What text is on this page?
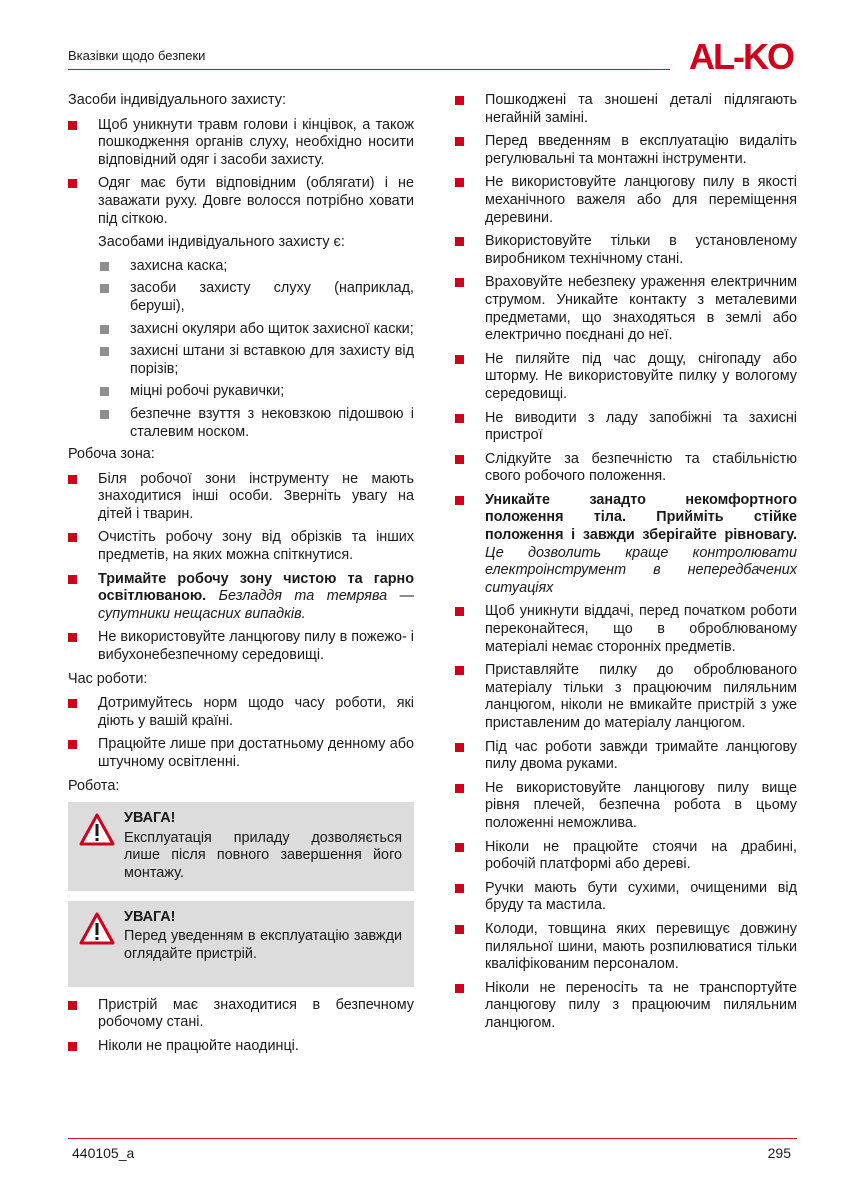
Вказівки щодо безпеки	AL-KO

Засоби індивідуального захисту:

Щоб уникнути травм голови і кінцівок, а також пошкодження органів слуху, необхідно носити відповідний одяг і засоби захисту.
Одяг має бути відповідним (облягати) і не заважати руху. Довге волосся потрібно ховати під сіткою.

Засобами індивідуального захисту є:

захисна каска;
засоби захисту слуху (наприклад, беруші),
захисні окуляри або щиток захисної каски;
захисні штани зі вставкою для захисту від порізів;
міцні робочі рукавички;
безпечне взуття з нековзкою підошвою і сталевим носком.

Робоча зона:

Біля робочої зони інструменту не мають знаходитися інші особи. Зверніть увагу на дітей і тварин.
Очистіть робочу зону від обрізків та інших предметів, на яких можна спіткнутися.
Тримайте робочу зону чистою та гарно освітлюваною. Безладдя та темрява — супутники нещасних випадків.
Не використовуйте ланцюгову пилу в пожежо- і вибухонебезпечному середовищі.

Час роботи:

Дотримуйтесь норм щодо часу роботи, які діють у вашій країні.
Працюйте лише при достатньому денному або штучному освітленні.

Робота:

УВАГА!
Експлуатація приладу дозволяється лише після повного завершення його монтажу.
УВАГА!
Перед уведенням в експлуатацію завжди оглядайте пристрій.
Пристрій має знаходитися в безпечному робочому стані.
Ніколи не працюйте наодинці.
Пошкоджені та зношені деталі підлягають негайній заміні.
Перед введенням в експлуатацію видаліть регулювальні та монтажні інструменти.
Не використовуйте ланцюгову пилу в якості механічного важеля або для переміщення деревини.
Використовуйте тільки в установленому виробником технічному стані.
Враховуйте небезпеку ураження електричним струмом. Уникайте контакту з металевими предметами, що знаходяться в землі або електрично поєднані до неї.
Не пиляйте під час дощу, снігопаду або шторму. Не використовуйте пилку у вологому середовищі.
Не виводити з ладу запобіжні та захисні пристрої
Слідкуйте за безпечністю та стабільністю свого робочого положення.
Уникайте занадто некомфортного положення тіла. Прийміть стійке положення і завжди зберігайте рівновагу. Це дозволить краще контролювати електроінструмент в непередбачених ситуаціях
Щоб уникнути віддачі, перед початком роботи переконайтеся, що в оброблюваному матеріалі немає сторонніх предметів.
Приставляйте пилку до оброблюваного матеріалу тільки з працюючим пиляльним ланцюгом, ніколи не вмикайте пристрій з уже приставленим до матеріалу ланцюгом.
Під час роботи завжди тримайте ланцюгову пилу двома руками.
Не використовуйте ланцюгову пилу вище рівня плечей, безпечна робота в цьому положенні неможлива.
Ніколи не працюйте стоячи на драбині, робочій платформі або дереві.
Ручки мають бути сухими, очищеними від бруду та мастила.
Колоди, товщина яких перевищує довжину пиляльної шини, мають розпилюватися тільки кваліфікованим персоналом.
Ніколи не переносіть та не транспортуйте ланцюгову пилу з працюючим пиляльним ланцюгом.
440105_a	295
